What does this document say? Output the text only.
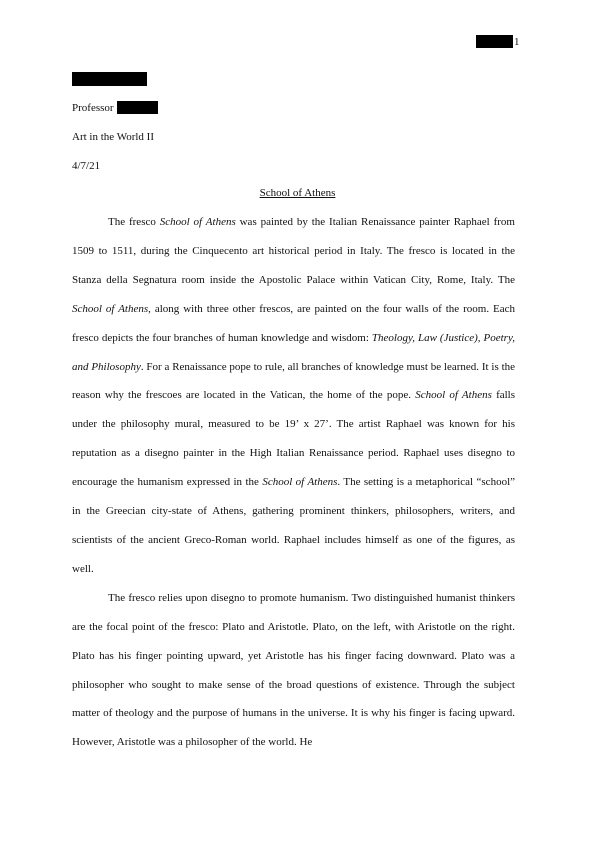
1
Professor
Art in the World II
4/7/21
School of Athens

The fresco School of Athens was painted by the Italian Renaissance painter Raphael from 1509 to 1511, during the Cinquecento art historical period in Italy. The fresco is located in the Stanza della Segnatura room inside the Apostolic Palace within Vatican City, Rome, Italy. The School of Athens, along with three other frescos, are painted on the four walls of the room. Each fresco depicts the four branches of human knowledge and wisdom: Theology, Law (Justice), Poetry, and Philosophy. For a Renaissance pope to rule, all branches of knowledge must be learned. It is the reason why the frescoes are located in the Vatican, the home of the pope. School of Athens falls under the philosophy mural, measured to be 19’ x 27’. The artist Raphael was known for his reputation as a disegno painter in the High Italian Renaissance period. Raphael uses disegno to encourage the humanism expressed in the School of Athens. The setting is a metaphorical “school” in the Greecian city-state of Athens, gathering prominent thinkers, philosophers, writers, and scientists of the ancient Greco-Roman world. Raphael includes himself as one of the figures, as well.

The fresco relies upon disegno to promote humanism. Two distinguished humanist thinkers are the focal point of the fresco: Plato and Aristotle. Plato, on the left, with Aristotle on the right. Plato has his finger pointing upward, yet Aristotle has his finger facing downward. Plato was a philosopher who sought to make sense of the broad questions of existence. Through the subject matter of theology and the purpose of humans in the universe. It is why his finger is facing upward. However, Aristotle was a philosopher of the world. He
